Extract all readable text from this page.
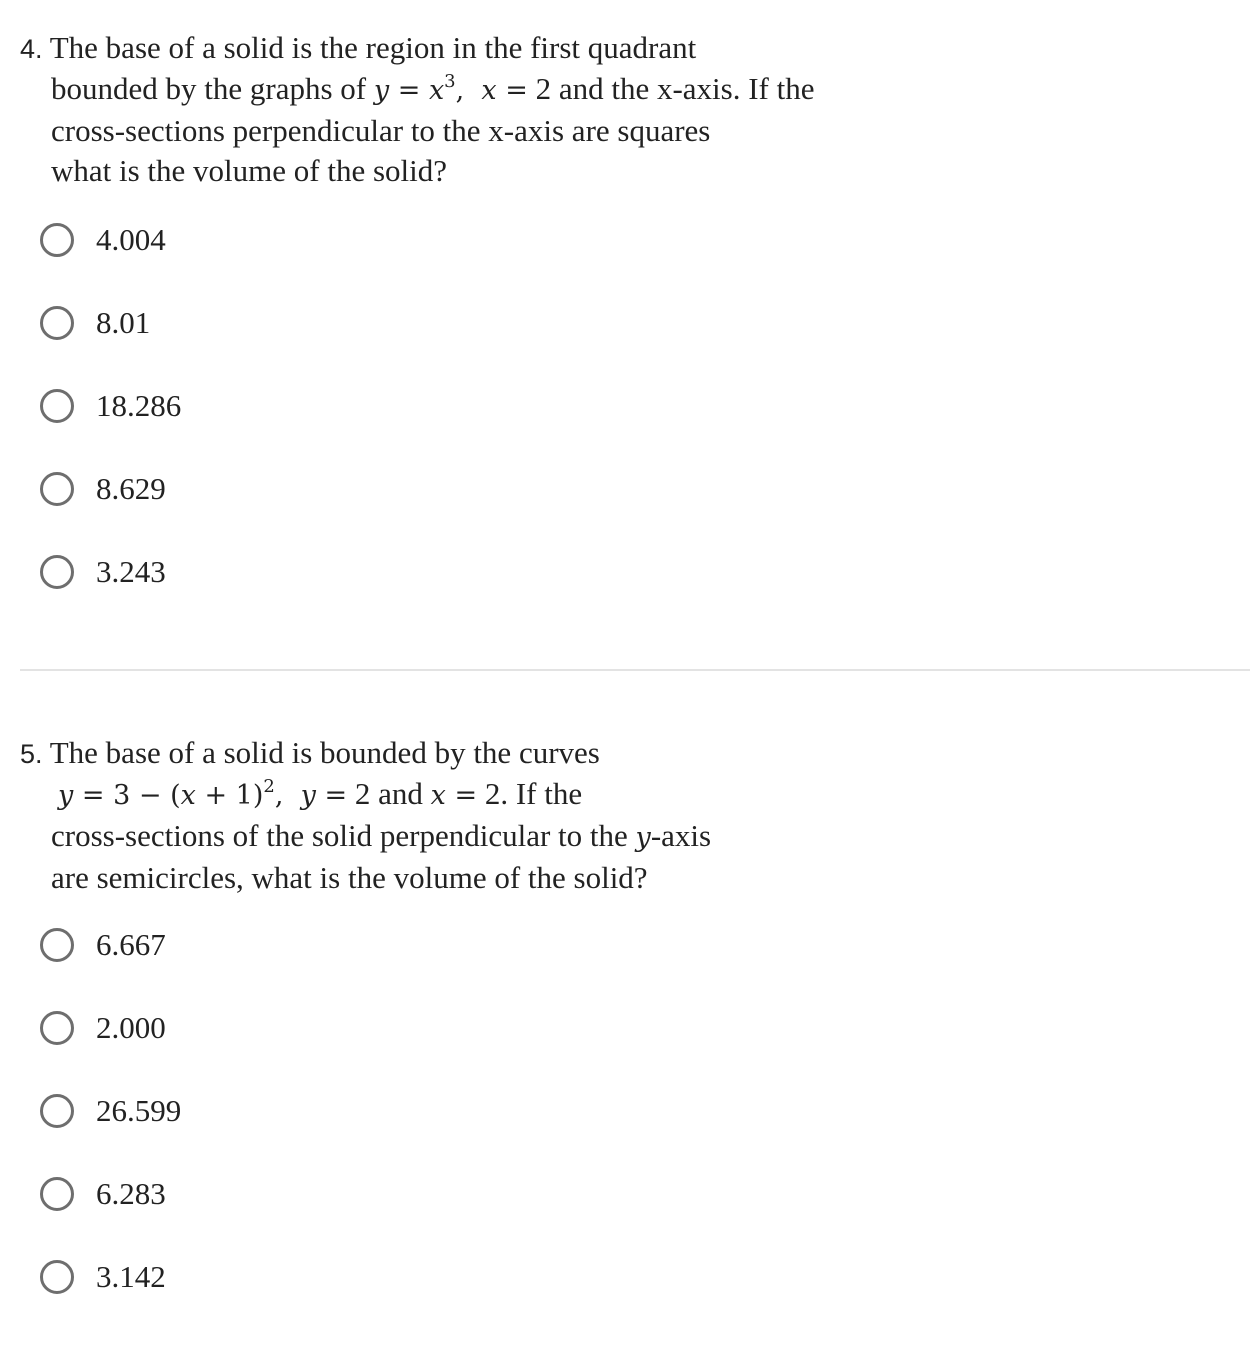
4. The base of a solid is the region in the first quadrant
bounded by the graphs of $y = x^3$, x = 2 and the x-axis. If the
cross-sections perpendicular to the x-axis are squares
what is the volume of the solid?
4.004
8.01
18.286
8.629
3.243
5. The base of a solid is bounded by the curves
$y = 3 - (x + 1)^2$, y = 2 and x = 2. If the
cross-sections of the solid perpendicular to the y-axis
are semicircles, what is the volume of the solid?
6.667
2.000
26.599
6.283
3.142
